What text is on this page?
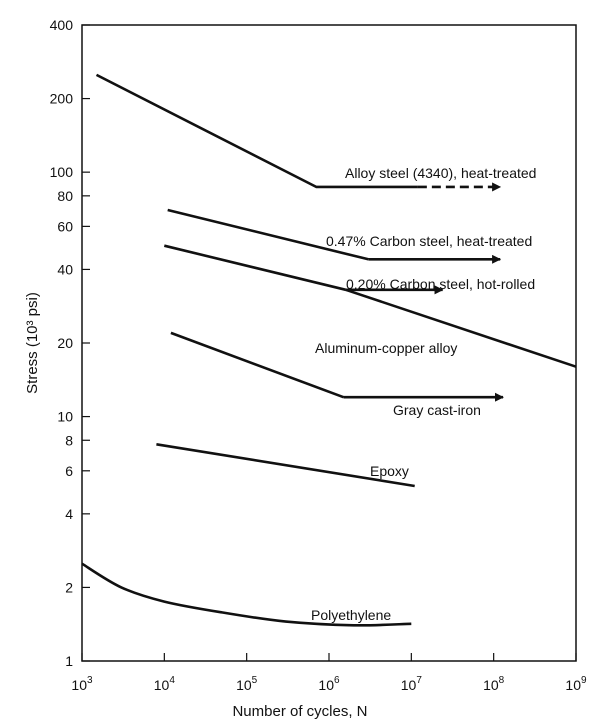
$10^3$	$10^4$	$10^5$	$10^6$	$10^7$	$10^8$	$10^9$
1
2
4
6
8
10
20
40
60
80
100
200
400
Alloy steel (4340), heat-treated
0.47% Carbon steel, heat-treated
0.20% Carbon steel, hot-rolled
Aluminum-copper alloy
Gray cast-iron
Epoxy
Polyethylene
Number of cycles, N
Stress (10³ psi)
